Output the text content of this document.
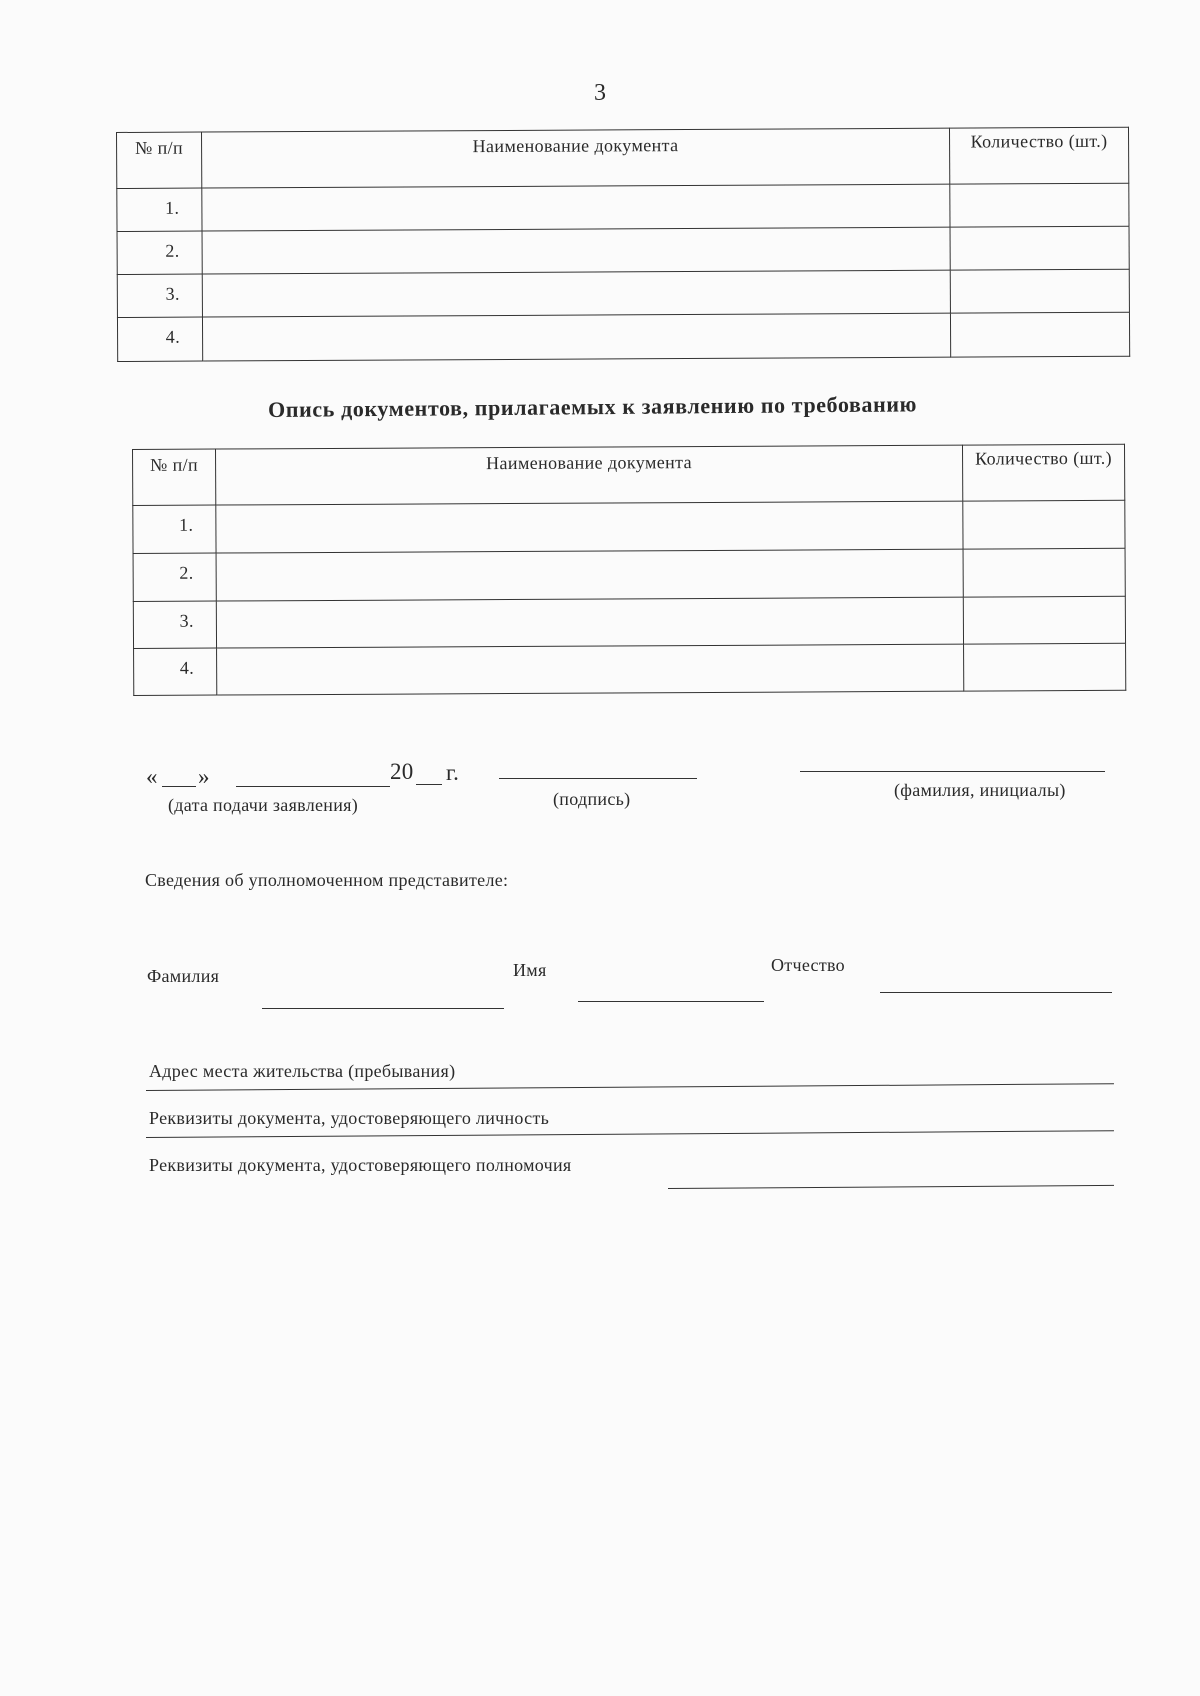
3
№ п/п	Наименование документа	Количество (шт.)
1.		
2.		
3.		
4.		
Опись документов, прилагаемых к заявлению по требованию
№ п/п	Наименование документа	Количество (шт.)
1.		
2.		
3.		
4.		
« »	20 г.
(дата подачи заявления)	(подпись)	(фамилия, инициалы)
Сведения об уполномоченном представителе:
Фамилия	Имя	Отчество
Адрес места жительства (пребывания)
Реквизиты документа, удостоверяющего личность
Реквизиты документа, удостоверяющего полномочия
